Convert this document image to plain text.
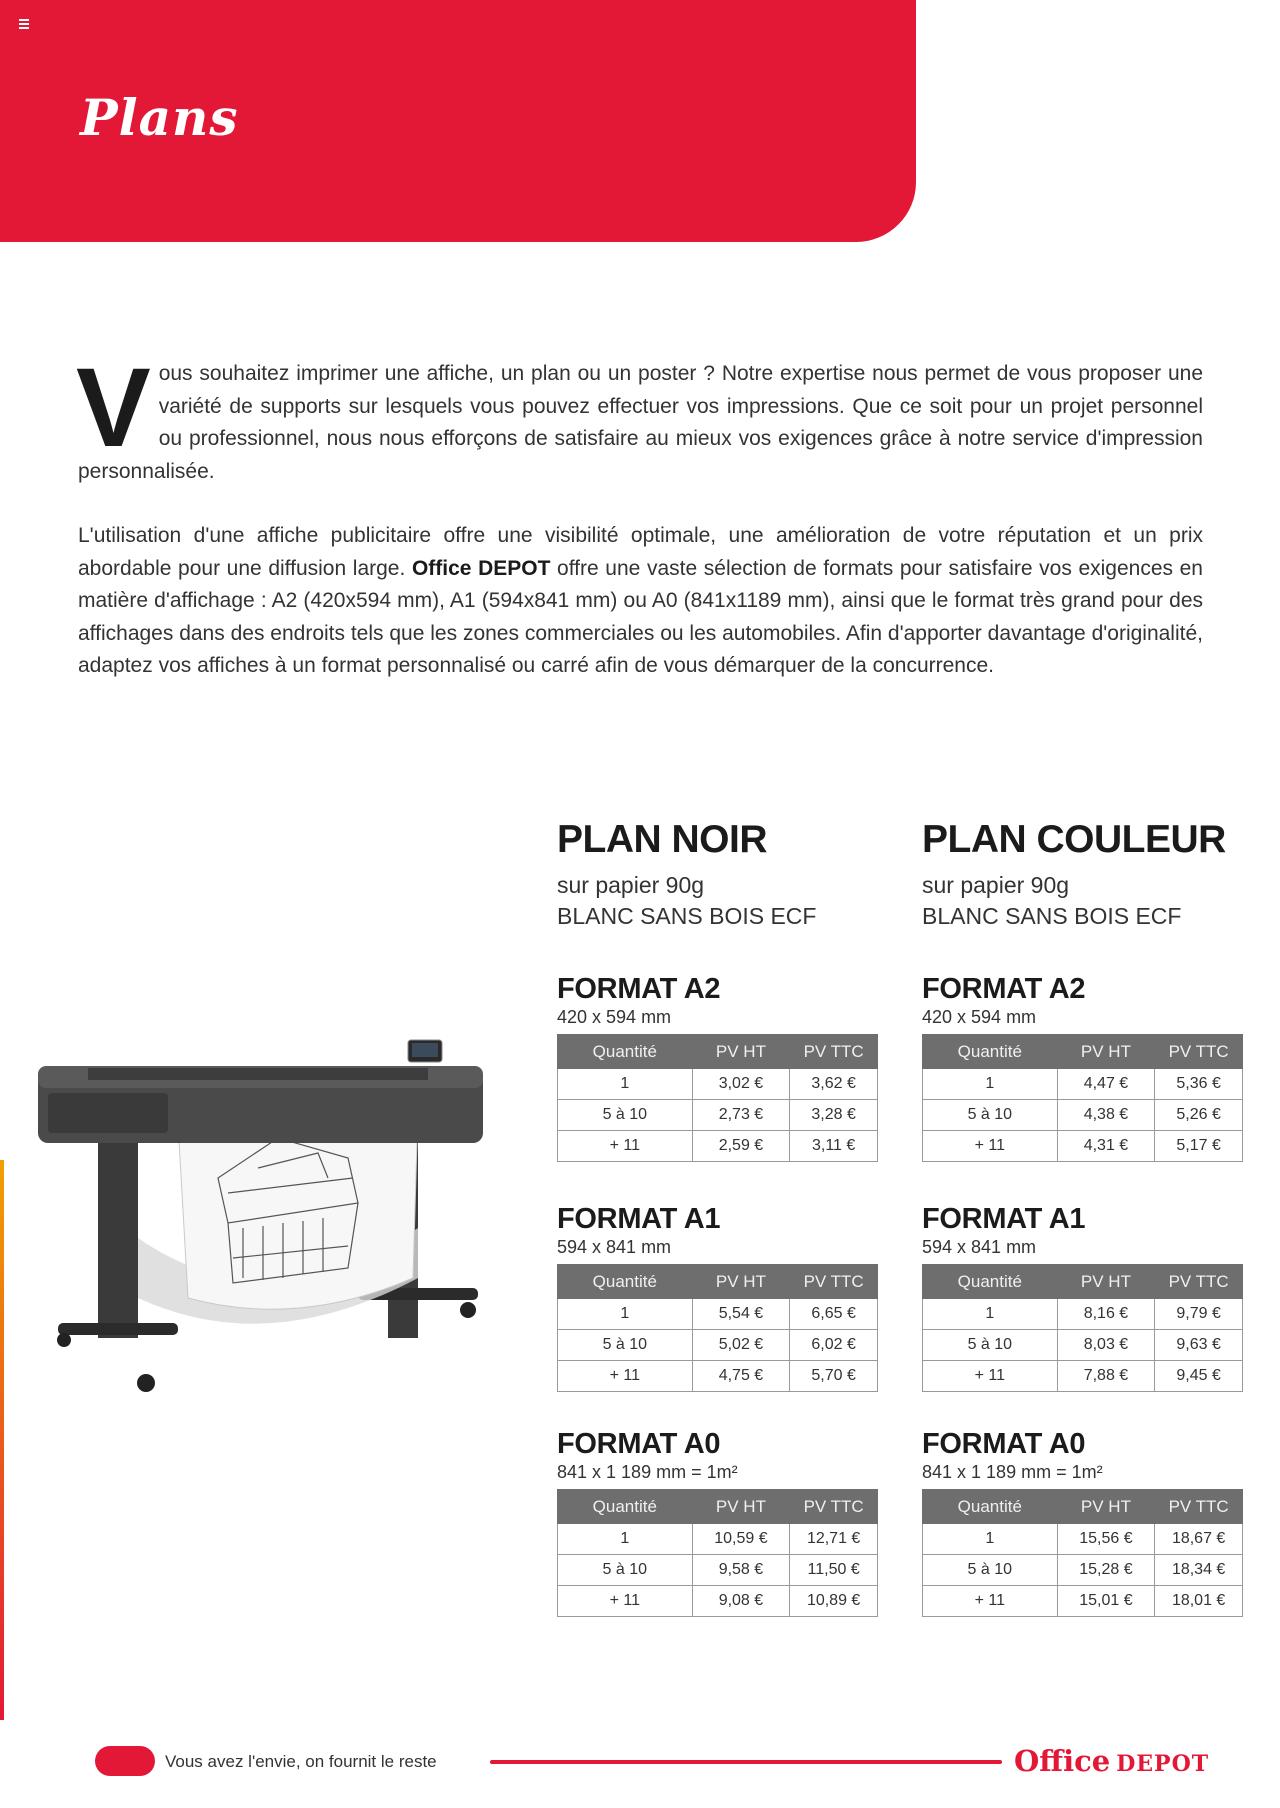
Plans

Vous souhaitez imprimer une affiche, un plan ou un poster ? Notre expertise nous permet de vous proposer une variété de supports sur lesquels vous pouvez effectuer vos impressions. Que ce soit pour un projet personnel ou professionnel, nous nous efforçons de satisfaire au mieux vos exigences grâce à notre service d'impression personnalisée.

L'utilisation d'une affiche publicitaire offre une visibilité optimale, une amélioration de votre réputation et un prix abordable pour une diffusion large. Office DEPOT offre une vaste sélection de formats pour satisfaire vos exigences en matière d'affichage : A2 (420x594 mm), A1 (594x841 mm) ou A0 (841x1189 mm), ainsi que le format très grand pour des affichages dans des endroits tels que les zones commerciales ou les automobiles. Afin d'apporter davantage d'originalité, adaptez vos affiches à un format personnalisé ou carré afin de vous démarquer de la concurrence.

PLAN NOIR
sur papier 90g
BLANC SANS BOIS ECF
FORMAT A2
420 x 594 mm
Quantité	PV HT	PV TTC
1	3,02 €	3,62 €
5 à 10	2,73 €	3,28 €
+ 11	2,59 €	3,11 €
FORMAT A1
594 x 841 mm
Quantité	PV HT	PV TTC
1	5,54 €	6,65 €
5 à 10	5,02 €	6,02 €
+ 11	4,75 €	5,70 €
FORMAT A0
841 x 1 189 mm = 1m²
Quantité	PV HT	PV TTC
1	10,59 €	12,71 €
5 à 10	9,58 €	11,50 €
+ 11	9,08 €	10,89 €
PLAN COULEUR
sur papier 90g
BLANC SANS BOIS ECF
FORMAT A2
420 x 594 mm
Quantité	PV HT	PV TTC
1	4,47 €	5,36 €
5 à 10	4,38 €	5,26 €
+ 11	4,31 €	5,17 €
FORMAT A1
594 x 841 mm
Quantité	PV HT	PV TTC
1	8,16 €	9,79 €
5 à 10	8,03 €	9,63 €
+ 11	7,88 €	9,45 €
FORMAT A0
841 x 1 189 mm = 1m²
Quantité	PV HT	PV TTC
1	15,56 €	18,67 €
5 à 10	15,28 €	18,34 €
+ 11	15,01 €	18,01 €
Vous avez l'envie, on fournit le reste	Office DEPOT
